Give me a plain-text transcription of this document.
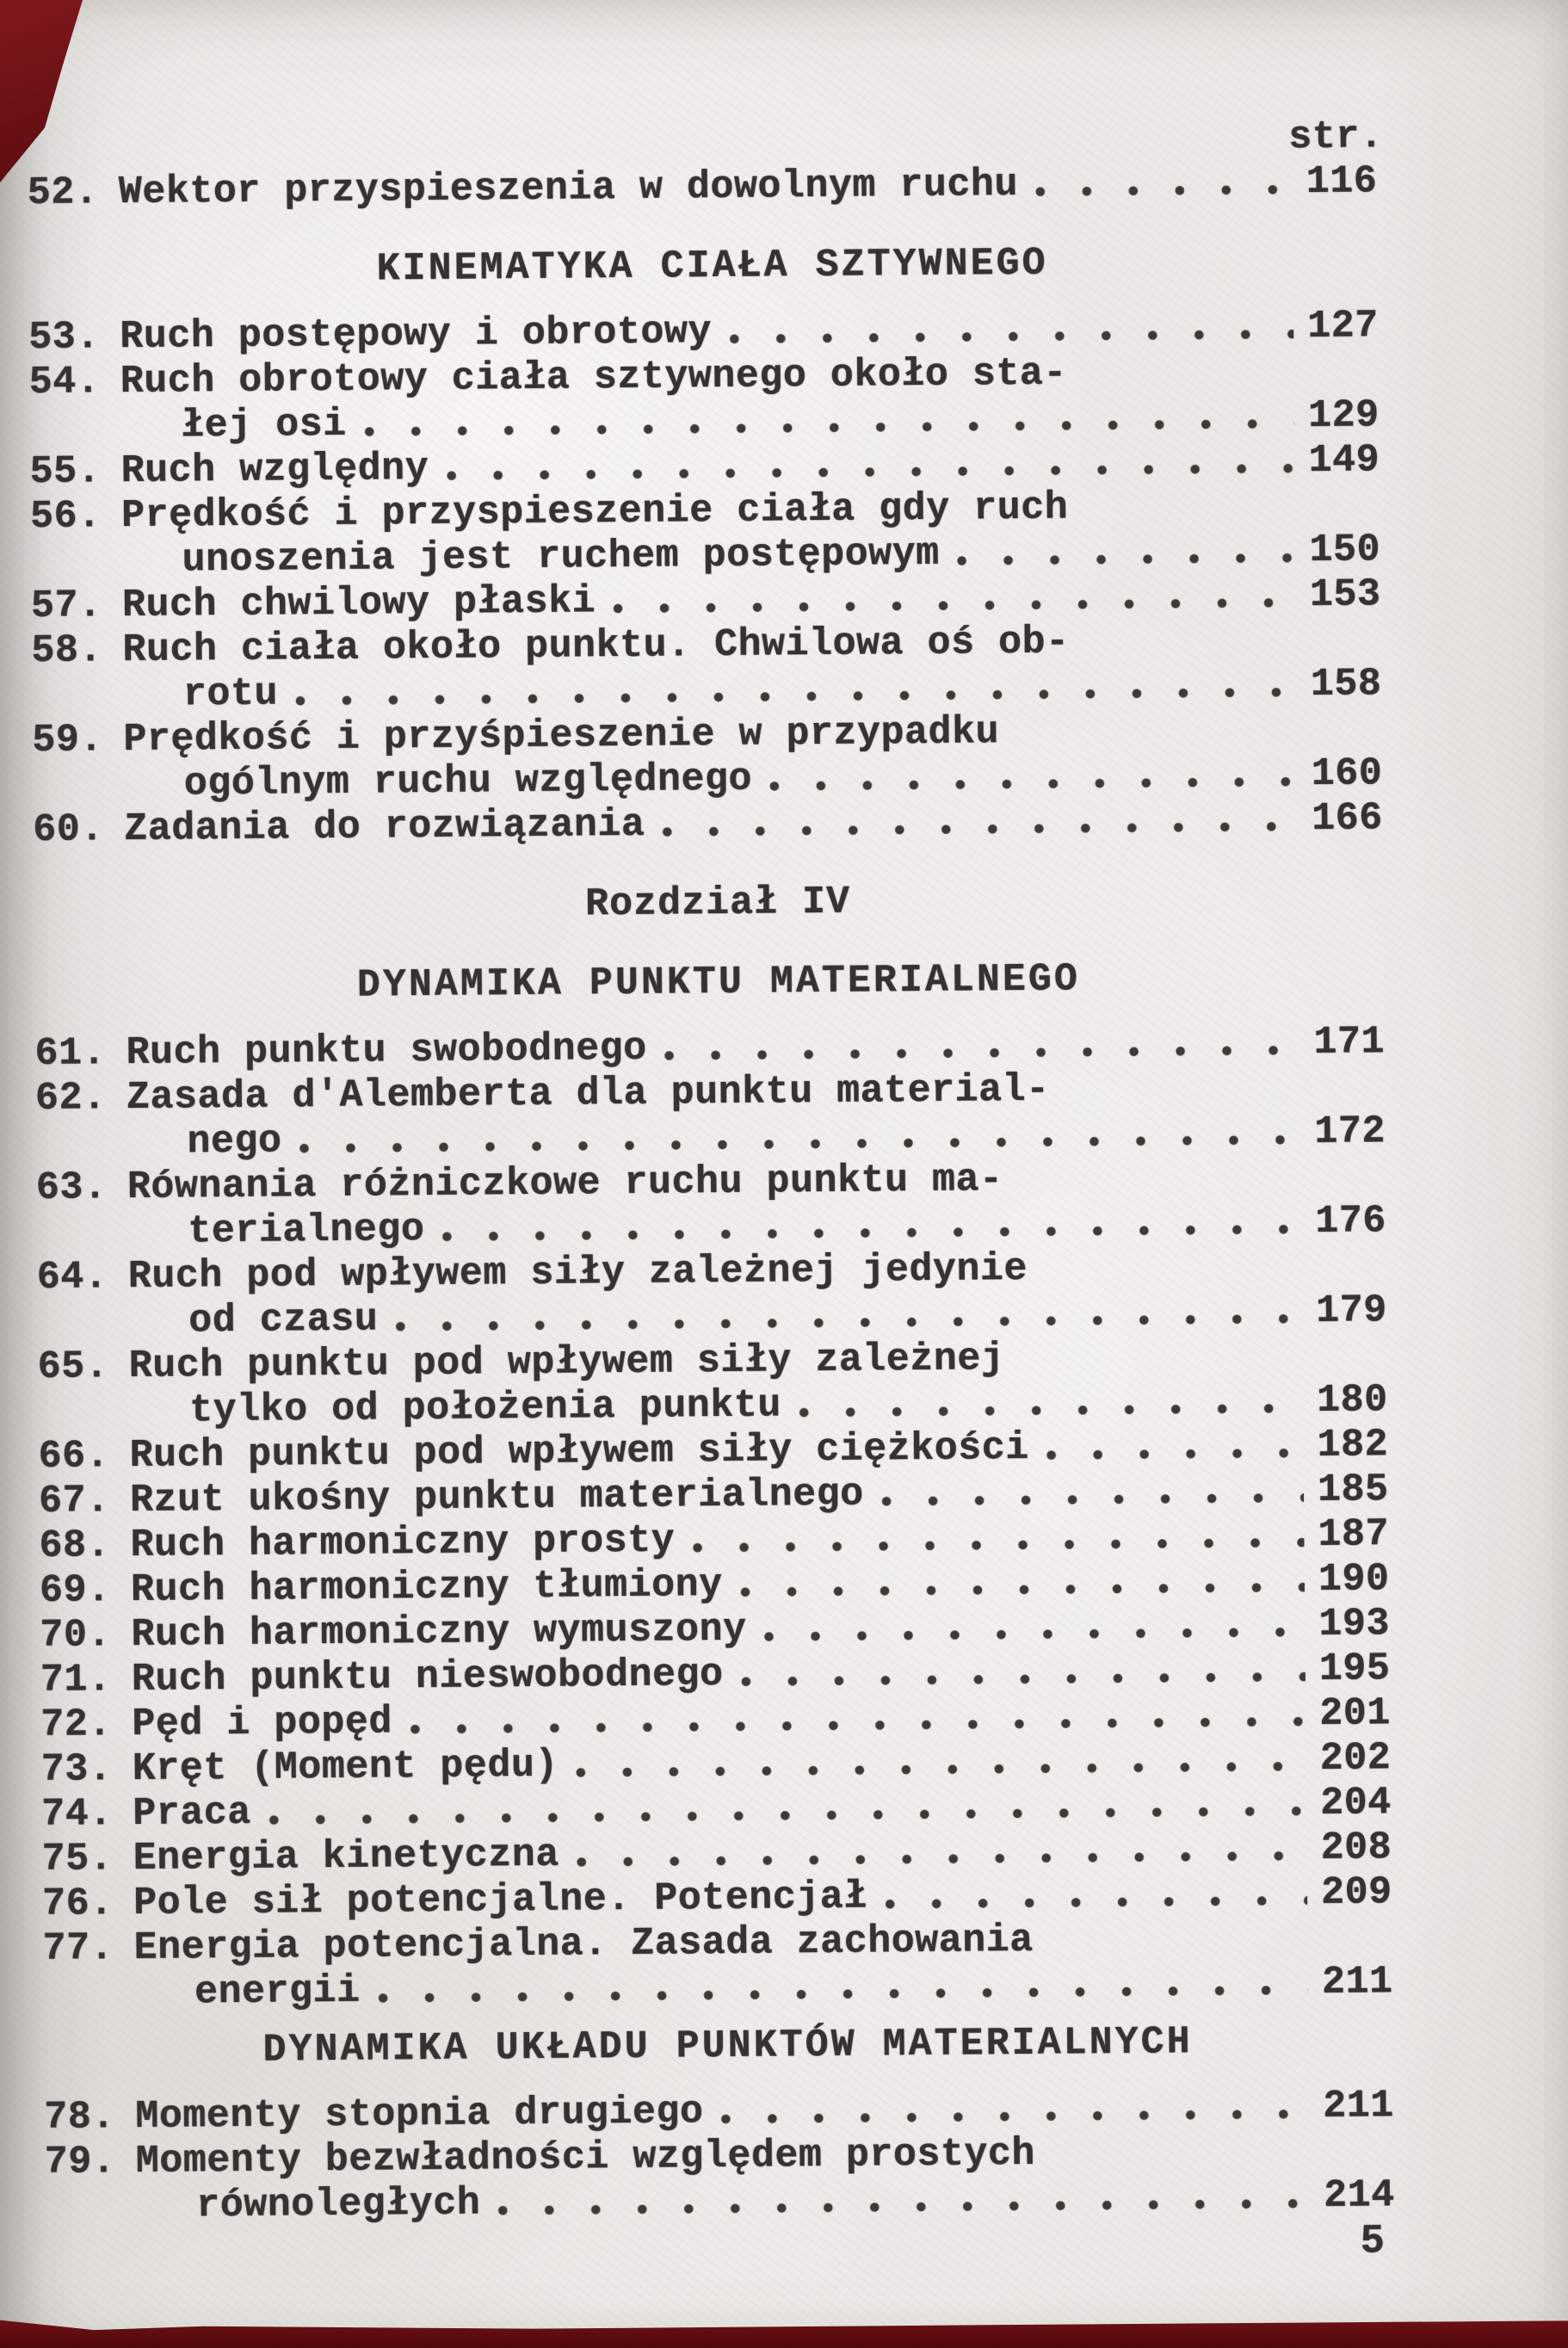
str.
52. Wektor przyspieszenia w dowolnym ruchu	116
KINEMATYKA CIAŁA SZTYWNEGO
53. Ruch postępowy i obrotowy	127
54. Ruch obrotowy ciała sztywnego około sta-
łej osi	129
55. Ruch względny	149
56. Prędkość i przyspieszenie ciała gdy ruch
unoszenia jest ruchem postępowym	150
57. Ruch chwilowy płaski	153
58. Ruch ciała około punktu. Chwilowa oś ob-
rotu	158
59. Prędkość i przyśpieszenie w przypadku
ogólnym ruchu względnego	160
60. Zadania do rozwiązania	166
Rozdział IV
DYNAMIKA PUNKTU MATERIALNEGO
61. Ruch punktu swobodnego	171
62. Zasada d'Alemberta dla punktu material-
nego	172
63. Równania różniczkowe ruchu punktu ma-
terialnego	176
64. Ruch pod wpływem siły zależnej jedynie
od czasu	179
65. Ruch punktu pod wpływem siły zależnej
tylko od położenia punktu	180
66. Ruch punktu pod wpływem siły ciężkości	182
67. Rzut ukośny punktu materialnego	185
68. Ruch harmoniczny prosty	187
69. Ruch harmoniczny tłumiony	190
70. Ruch harmoniczny wymuszony	193
71. Ruch punktu nieswobodnego	195
72. Pęd i popęd	201
73. Kręt (Moment pędu)	202
74. Praca	204
75. Energia kinetyczna	208
76. Pole sił potencjalne. Potencjał	209
77. Energia potencjalna. Zasada zachowania
energii	211
DYNAMIKA UKŁADU PUNKTÓW MATERIALNYCH
78. Momenty stopnia drugiego	211
79. Momenty bezwładności względem prostych
równoległych	214
5
